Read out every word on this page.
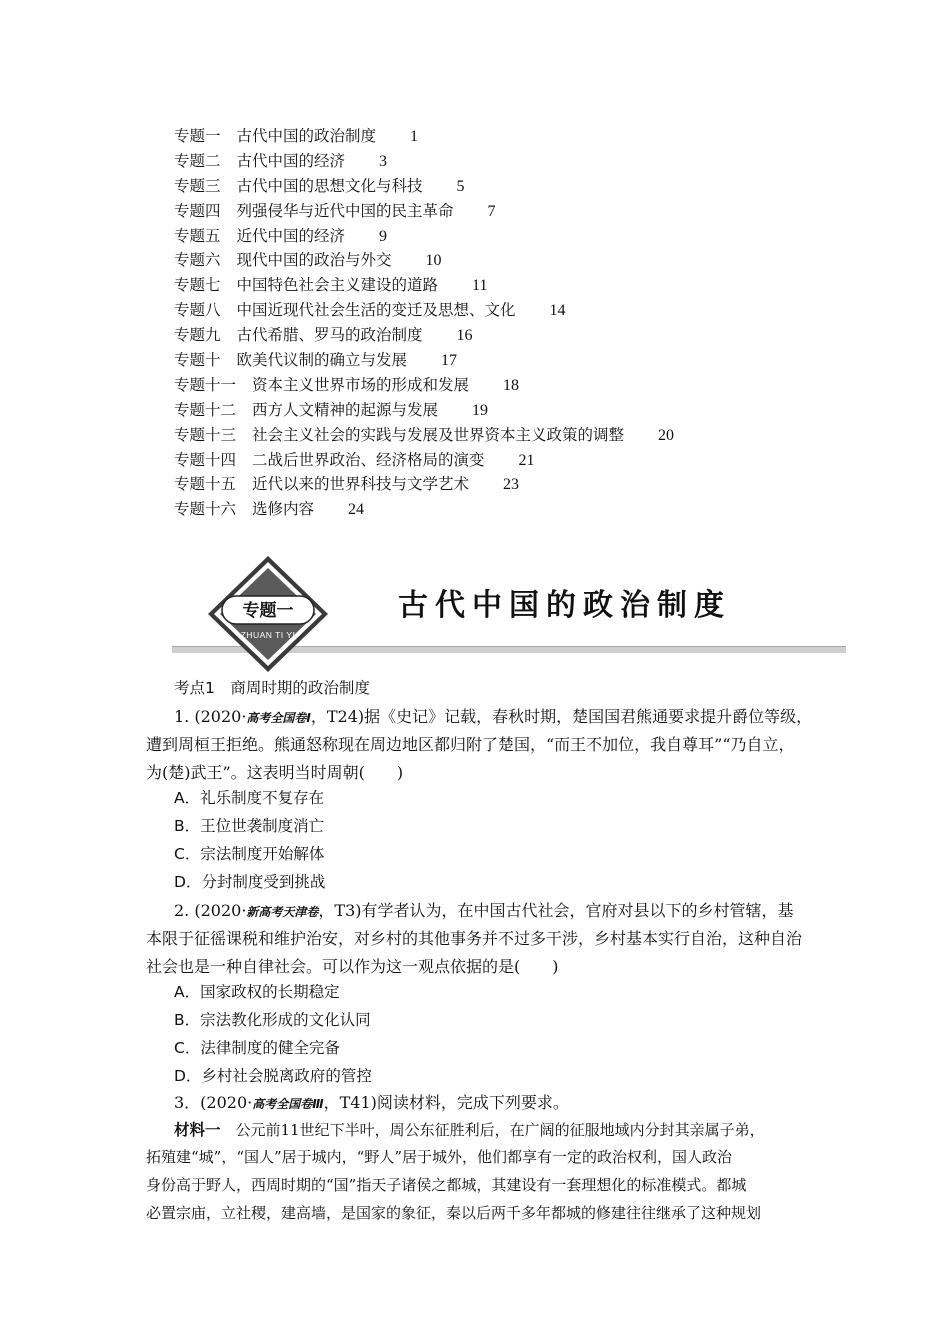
专题一 古代中国的政治制度 1
专题二 古代中国的经济 3
专题三 古代中国的思想文化与科技 5
专题四 列强侵华与近代中国的民主革命 7
专题五 近代中国的经济 9
专题六 现代中国的政治与外交 10
专题七 中国特色社会主义建设的道路 11
专题八 中国近现代社会生活的变迁及思想、文化 14
专题九 古代希腊、罗马的政治制度 16
专题十 欧美代议制的确立与发展 17
专题十一 资本主义世界市场的形成和发展 18
专题十二 西方人文精神的起源与发展 19
专题十三 社会主义社会的实践与发展及世界资本主义政策的调整 20
专题十四 二战后世界政治、经济格局的演变 21
专题十五 近代以来的世界科技与文学艺术 23
专题十六 选修内容 24
专题一
ZHUAN TI YI
古代中国的政治制度
考点1　商周时期的政治制度
1. (2020·高考全国卷Ⅰ，T24)据《史记》记载，春秋时期，楚国国君熊通要求提升爵位等级，
遭到周桓王拒绝。熊通怒称现在周边地区都归附了楚国，“而王不加位，我自尊耳”“乃自立，
为(楚)武王”。这表明当时周朝(　　)
A．礼乐制度不复存在
B．王位世袭制度消亡
C．宗法制度开始解体
D．分封制度受到挑战
2. (2020·新高考天津卷，T3)有学者认为，在中国古代社会，官府对县以下的乡村管辖，基
本限于征徭课税和维护治安，对乡村的其他事务并不过多干涉，乡村基本实行自治，这种自治
社会也是一种自律社会。可以作为这一观点依据的是(　　)
A．国家政权的长期稳定
B．宗法教化形成的文化认同
C．法律制度的健全完备
D．乡村社会脱离政府的管控
3．(2020·高考全国卷Ⅲ，T41)阅读材料，完成下列要求。
材料一　公元前11世纪下半叶，周公东征胜利后，在广阔的征服地域内分封其亲属子弟，
拓殖建“城”，“国人”居于城内，“野人”居于城外，他们都享有一定的政治权利，国人政治
身份高于野人，西周时期的“国”指天子诸侯之都城，其建设有一套理想化的标准模式。都城
必置宗庙，立社稷，建高墙，是国家的象征，秦以后两千多年都城的修建往往继承了这种规划
